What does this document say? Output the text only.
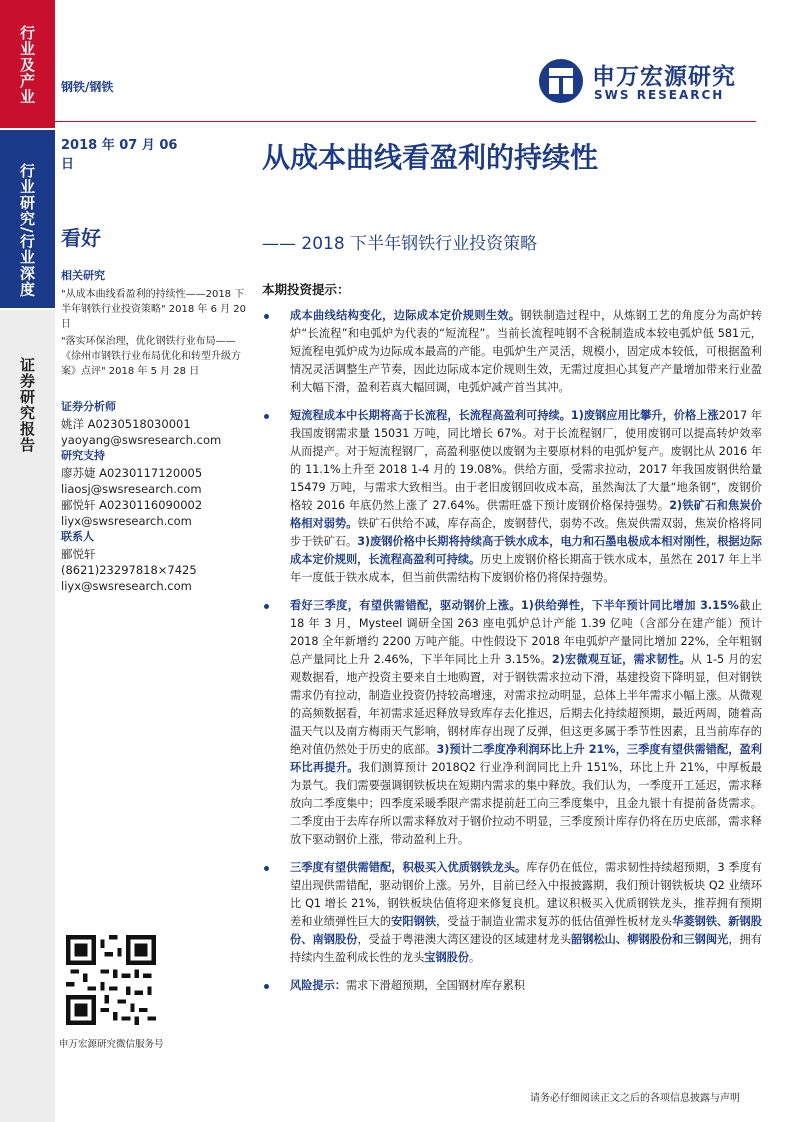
行业及产业
行业研究/行业深度
证券研究报告
钢铁/钢铁	申万宏源研究
SWS RESEARCH
2018 年 07 月 06 日	从成本曲线看盈利的持续性
看好	—— 2018 下半年钢铁行业投资策略
相关研究
"从成本曲线看盈利的持续性——2018 下半年钢铁行业投资策略" 2018 年 6 月 20 日
"落实环保治理，优化钢铁行业布局——《徐州市钢铁行业布局优化和转型升级方案》点评" 2018 年 5 月 28 日
证券分析师
姚洋 A0230518030001
yaoyang@swsresearch.com
研究支持
廖苏婕 A0230117120005
liaosj@swsresearch.com
郦悦轩 A0230116090002
liyx@swsresearch.com
联系人
郦悦轩
(8621)23297818×7425
liyx@swsresearch.com
申万宏源研究微信服务号
本期投资提示：
成本曲线结构变化，边际成本定价规则生效。钢铁制造过程中，从炼钢工艺的角度分为高炉转炉“长流程”和电弧炉为代表的“短流程”。当前长流程吨钢不含税制造成本较电弧炉低 581元，短流程电弧炉成为边际成本最高的产能。电弧炉生产灵活，规模小，固定成本较低，可根据盈利情况灵活调整生产节奏，因此边际成本定价规则生效，无需过度担心其复产产量增加带来行业盈利大幅下滑，盈利若真大幅回调，电弧炉减产首当其冲。
短流程成本中长期将高于长流程，长流程高盈利可持续。1)废钢应用比攀升，价格上涨2017 年我国废钢需求量 15031 万吨，同比增长 67%。对于长流程钢厂，使用废钢可以提高转炉效率从而提产。对于短流程钢厂，高盈利驱使以废钢为主要原材料的电弧炉复产。废钢比从 2016 年的 11.1%上升至 2018 1-4 月的 19.08%。供给方面，受需求拉动，2017 年我国废钢供给量 15479 万吨，与需求大致相当。由于老旧废钢回收成本高，虽然淘汰了大量“地条钢”，废钢价格较 2016 年底仍然上涨了 27.64%。供需旺盛下预计废钢价格保持强势。2)铁矿石和焦炭价格相对弱势。铁矿石供给不减，库存高企，废钢替代，弱势不改。焦炭供需双弱，焦炭价格将同步于铁矿石。3)废钢价格中长期将持续高于铁水成本，电力和石墨电极成本相对刚性，根据边际成本定价规则，长流程高盈利可持续。历史上废钢价格长期高于铁水成本，虽然在 2017 年上半年一度低于铁水成本，但当前供需结构下废钢价格仍将保持强势。
看好三季度，有望供需错配，驱动钢价上涨。1)供给弹性，下半年预计同比增加 3.15%截止 18 年 3 月，Mysteel 调研全国 263 座电弧炉总计产能 1.39 亿吨（含部分在建产能）预计 2018 全年新增约 2200 万吨产能。中性假设下 2018 年电弧炉产量同比增加 22%，全年粗钢总产量同比上升 2.46%，下半年同比上升 3.15%。2)宏微观互证，需求韧性。从 1-5 月的宏观数据看，地产投资主要来自土地购置，对于钢铁需求拉动下滑，基建投资下降明显，但对钢铁需求仍有拉动，制造业投资仍持较高增速，对需求拉动明显，总体上半年需求小幅上涨。从微观的高频数据看，年初需求延迟释放导致库存去化推迟，后期去化持续超预期，最近两周，随着高温天气以及南方梅雨天气影响，钢材库存出现了反弹，但这更多属于季节性因素，且当前库存的绝对值仍然处于历史的底部。3)预计二季度净利润环比上升 21%，三季度有望供需错配，盈利环比再提升。我们测算预计 2018Q2 行业净利润同比上升 151%，环比上升 21%，中厚板最为景气。我们需要强调钢铁板块在短期内需求的集中释放。我们认为，一季度开工延迟，需求释放向二季度集中；四季度采暖季限产需求提前赶工向三季度集中，且金九银十有提前备货需求。二季度由于去库存所以需求释放对于钢价拉动不明显，三季度预计库存仍将在历史底部，需求释放下驱动钢价上涨，带动盈利上升。
三季度有望供需错配，积极买入优质钢铁龙头。库存仍在低位，需求韧性持续超预期，3 季度有望出现供需错配，驱动钢价上涨。另外，目前已经入中报披露期，我们预计钢铁板块 Q2 业绩环比 Q1 增长 21%，钢铁板块估值将迎来修复良机。建议积极买入优质钢铁龙头，推荐拥有预期差和业绩弹性巨大的安阳钢铁，受益于制造业需求复苏的低估值弹性板材龙头华菱钢铁、新钢股份、南钢股份，受益于粤港澳大湾区建设的区域建材龙头韶钢松山、柳钢股份和三钢闽光，拥有持续内生盈利成长性的龙头宝钢股份。
风险提示：需求下滑超预期，全国钢材库存累积
请务必仔细阅读正文之后的各项信息披露与声明
